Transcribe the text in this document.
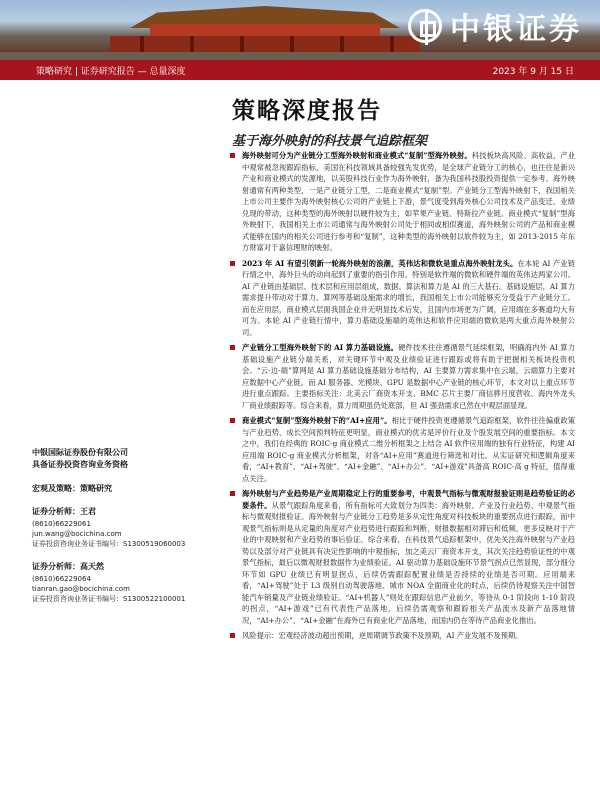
中银证券
策略研究 | 证券研究报告 — 总量深度	2023 年 9 月 15 日
策略深度报告
基于海外映射的科技景气追踪框架
中银国际证券股份有限公司
具备证券投资咨询业务资格
宏观及策略：策略研究
证券分析师：王君
(8610)66229061
jun.wang@bocichina.com
证券投资咨询业务证书编号：S1300519060003
证券分析师：高天然
(8610)66229064
tianran.gao@bocichina.com
证券投资咨询业务证书编号：S1300522100001
海外映射可分为产业链分工型海外映射和商业模式“复制”型海外映射。科技板块高风险、高收益，产业中观常被忽视跟踪指标，美国在科技领域具备较强先发优势，是全球产业链分工的核心，也往往是新兴产业和商业模式的发源地，以美股科技行业作为海外映射，备为我国科技股投资提供一定参考。海外映射通常有两种类型，一是产业链分工型，二是商业模式“复制”型。产业链分工型海外映射下，我国相关上市公司主要作为海外映射核心公司的产业链上下游，景气度受到海外核心公司技术及产品变迁、业绩兑现的带动，这种类型的海外映射以硬件较为主，如苹果产业链、特斯拉产业链。商业模式“复制”型海外映射下，我国相关上市公司通常与海外映射公司处于相同或相似赛道，海外映射公司的产品和商业模式能够在国内的相关公司进行参考和“复制”，这种类型的海外映射以软件较为主，如 2013-2015 年东方财富对于嘉信理财的映射。
2023 年 AI 有望引领新一轮海外映射的浪潮，英伟达和微软是重点海外映射龙头。在本轮 AI 产业链行情之中，海外巨头的动向起到了重要的指引作用，特别是软件端的微软和硬件端的英伟达两家公司。AI 产业链由基础层、技术层和应用层组成，数据、算法和算力是 AI 的三大基石。基础设施层，AI 算力需求提升带动对于算力、算网等基础设施需求的增长，我国相关上市公司能够充分受益于产业链分工。而在应用层，商业模式层面我国企业并无明显技术后发，且国内市场更为广阔，应用端在多赛道均大有可为。本轮 AI 产业链行情中，算力基础设施端的英伟达和软件应用端的微软是两大重点海外映射公司。
产业链分工型海外映射下的 AI 算力基础设施。硬件技术往往遵循景气延续框架，明确海内外 AI 算力基础设施产业链分端关系，对关键环节中观及业绩验证进行跟踪或将有助于把握相关板块投资机会。“云-边-端”算网是 AI 算力基础设施基础分布结构，AI 主要算力需求集中在云端，云端算力主要对应数据中心产业链。而 AI 服务器、光模块、GPU 是数据中心产业链的核心环节，本文对以上重点环节进行重点跟踪。主要指标关注：北美云厂商资本开支、BMC 芯片主要厂商信骅月度营收、海内外龙头厂商业绩跟踪等。综合来看，算力周期虽仍处底部，但 AI 强劲需求已然在中观层面显现。
商业模式“复制”型海外映射下的“AI+应用”。相比于硬件投资更遵循景气追踪框架，软件往往偏重政策与产业趋势、成长空间预判特征更明显，商业模式的优劣是评价行业及个股发展空间的重要指标。本文之中，我们在经典的 ROIC-g 商业模式二维分析框架之上结合 AI 软件应用端的独有行业特征，构建 AI 应用端 ROIC-g 商业模式分析框架，对各“AI+应用”赛道进行筛选和对比。从实证研究和逻辑角度来看，“AI+教育”、“AI+驾驶”、“AI+金融”、“AI+办公”、“AI+游戏”具备高 ROIC-高 g 特征，值得重点关注。
海外映射与产业趋势是产业周期稳定上行的重要参考，中观景气指标与微观财报验证则是趋势验证的必要条件。从景气跟踪角度来看，所有指标可大致划分为四类：海外映射、产业及行业趋势、中观景气指标与微观财报验证。海外映射与产业链分工趋势是多从定性角度对科技板块的重要拐点进行跟踪，而中观景气指标则是从定量的角度对产业趋势进行跟踪和判断，财报数据相对滞后和低频，更多反映对于产业的中观映射和产业趋势的事后验证。综合来看，在科技景气追踪框架中，优先关注海外映射与产业趋势以及部分对产业链具有决定性影响的中观指标，加之美云厂商资本开支，其次关注趋势验证性的中观景气指标，最后以微观财报数据作为业绩验证。AI 驱动算力基础设施环节景气拐点已然显现，部分细分环节如 GPU 业绩已有明显拐点，后续仍需跟踪配置业绩是否持续的业绩是否可期。应用端来看，“AI+驾驶”处于 L3 级别自动驾驶落地、城市 NOA 全面商业化的时点，后续仍待观察关注中国智能汽车销量及产业链业绩验证。“AI+机器人”则处在跟踪信息产业前夕，等待从 0-1 阶段向 1-10 阶段的拐点，“AI+游戏”已有代表性产品落地，后续仍需观察和跟踪相关产品流水及新产品落地情况，“AI+办公”、“AI+金融”在海外已有商业化产品落地，而国内仍在等待产品商业化推出。
风险提示：宏观经济波动超出预期，逆周期调节政策不及预期，AI 产业发展不及预期。
